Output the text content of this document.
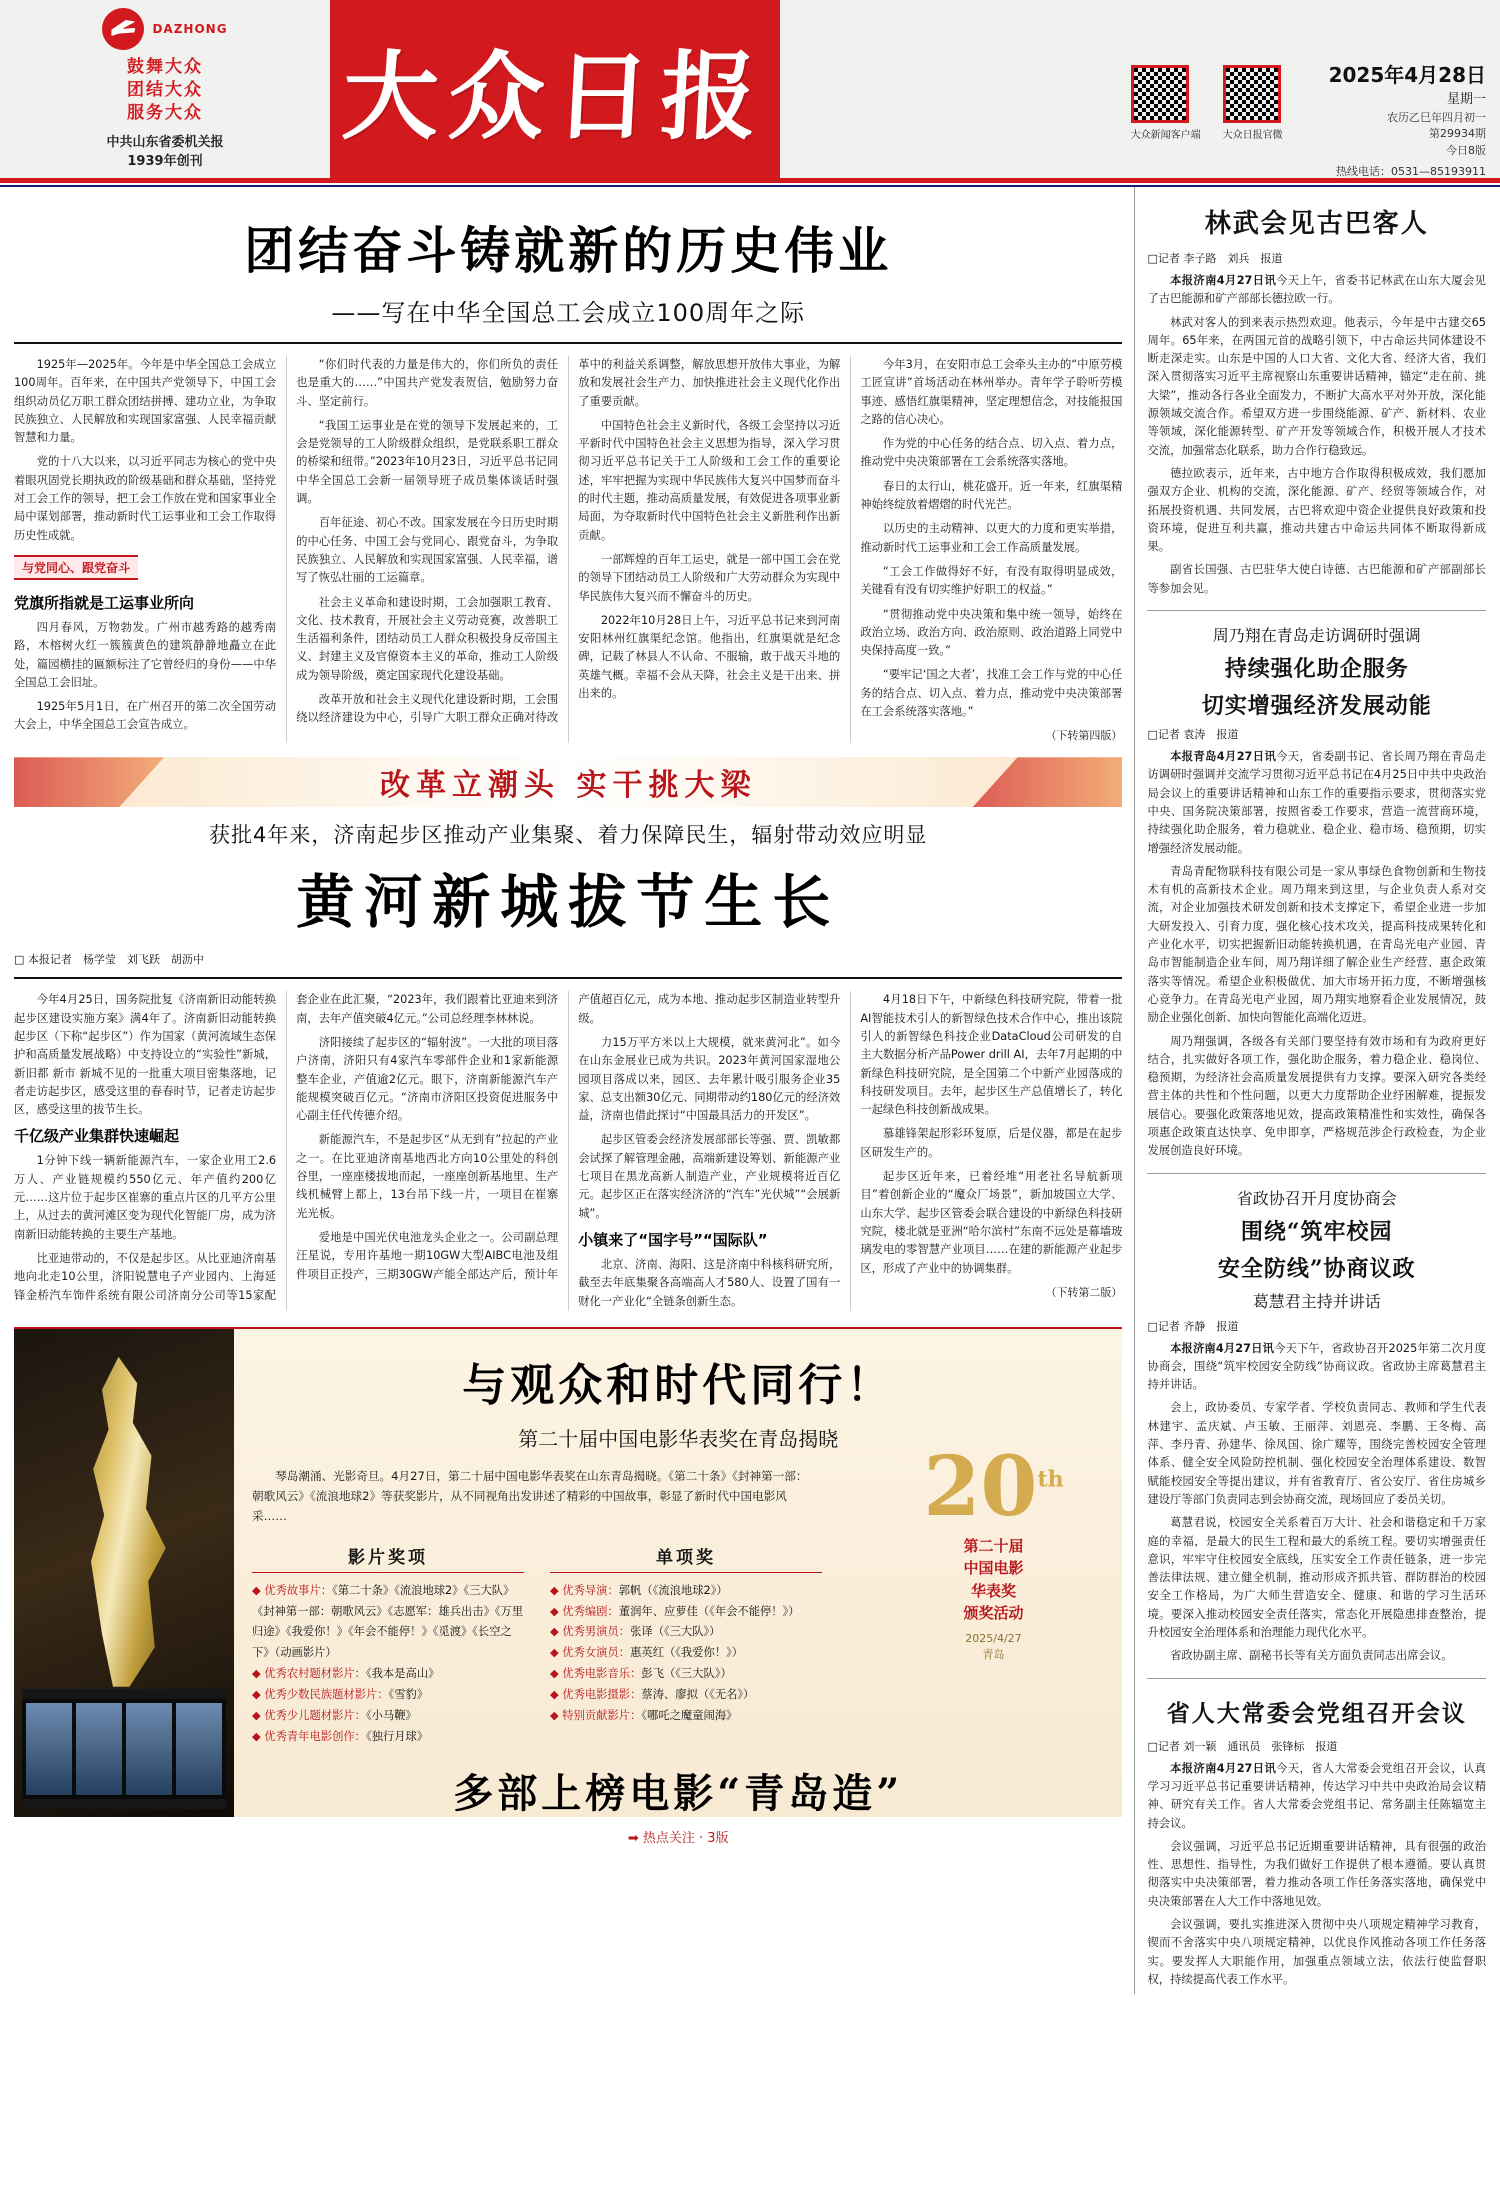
DAZHONG
鼓舞大众
团结大众
服务大众
中共山东省委机关报
1939年创刊
大众日报	大众新闻客户端 大众日报官微
2025年4月28日
星期一
农历乙巳年四月初一
第29934期
今日8版
热线电话：0531—85193911
团结奋斗铸就新的历史伟业
——写在中华全国总工会成立100周年之际

1925年—2025年。今年是中华全国总工会成立100周年。百年来，在中国共产党领导下，中国工会组织动员亿万职工群众团结拼搏、建功立业，为争取民族独立、人民解放和实现国家富强、人民幸福贡献智慧和力量。

党的十八大以来，以习近平同志为核心的党中央着眼巩固党长期执政的阶级基础和群众基础，坚持党对工会工作的领导，把工会工作放在党和国家事业全局中谋划部署，推动新时代工运事业和工会工作取得历史性成就。

与党同心、跟党奋斗
党旗所指就是工运事业所向

四月春风，万物勃发。广州市越秀路的越秀南路，木榕树火红一簇簇黄色的建筑静静地矗立在此处，篇园横挂的匾额标注了它曾经归的身份——中华全国总工会旧址。

1925年5月1日，在广州召开的第二次全国劳动大会上，中华全国总工会宣告成立。

“你们时代表的力量是伟大的，你们所负的责任也是重大的……”中国共产党发表贺信，勉励努力奋斗、坚定前行。

“我国工运事业是在党的领导下发展起来的，工会是党领导的工人阶级群众组织，是党联系职工群众的桥梁和纽带。”2023年10月23日，习近平总书记同中华全国总工会新一届领导班子成员集体谈话时强调。

百年征途、初心不改。国家发展在今日历史时期的中心任务、中国工会与党同心、跟党奋斗，为争取民族独立、人民解放和实现国家富强、人民幸福，谱写了恢弘壮丽的工运篇章。

社会主义革命和建设时期，工会加强职工教育、文化、技术教育，开展社会主义劳动竞赛，改善职工生活福利条件，团结动员工人群众积极投身反帝国主义、封建主义及官僚资本主义的革命，推动工人阶级成为领导阶级，奠定国家现代化建设基础。

改革开放和社会主义现代化建设新时期，工会围绕以经济建设为中心，引导广大职工群众正确对待改革中的利益关系调整，解放思想开放伟大事业，为解放和发展社会生产力、加快推进社会主义现代化作出了重要贡献。

中国特色社会主义新时代，各级工会坚持以习近平新时代中国特色社会主义思想为指导，深入学习贯彻习近平总书记关于工人阶级和工会工作的重要论述，牢牢把握为实现中华民族伟大复兴中国梦而奋斗的时代主题，推动高质量发展，有效促进各项事业新局面，为夺取新时代中国特色社会主义新胜利作出新贡献。

一部辉煌的百年工运史，就是一部中国工会在党的领导下团结动员工人阶级和广大劳动群众为实现中华民族伟大复兴而不懈奋斗的历史。

2022年10月28日上午，习近平总书记来到河南安阳林州红旗渠纪念馆。他指出，红旗渠就是纪念碑，记载了林县人不认命、不服输，敢于战天斗地的英雄气概。幸福不会从天降，社会主义是干出来、拼出来的。

今年3月，在安阳市总工会牵头主办的“中原劳模工匠宣讲”首场活动在林州举办。青年学子聆听劳模事迹、感悟红旗渠精神，坚定理想信念，对技能报国之路的信心决心。

作为党的中心任务的结合点、切入点、着力点，推动党中央决策部署在工会系统落实落地。

春日的太行山，桃花盛开。近一年来，红旗渠精神始终绽放着熠熠的时代光芒。

以历史的主动精神、以更大的力度和更实举措，推动新时代工运事业和工会工作高质量发展。

“工会工作做得好不好，有没有取得明显成效，关键看有没有切实维护好职工的权益。”

“贯彻推动党中央决策和集中统一领导，始终在政治立场、政治方向、政治原则、政治道路上同党中央保持高度一致。”

“要牢记‘国之大者’，找准工会工作与党的中心任务的结合点、切入点、着力点，推动党中央决策部署在工会系统落实落地。”

（下转第四版）
改革立潮头 实干挑大梁
获批4年来，济南起步区推动产业集聚、着力保障民生，辐射带动效应明显
黄河新城拔节生长
□ 本报记者　杨学莹　刘飞跃　胡沥中

今年4月25日，国务院批复《济南新旧动能转换起步区建设实施方案》满4年了。济南新旧动能转换起步区（下称“起步区”）作为国家（黄河流域生态保护和高质量发展战略）中支持设立的“实验性”新城，新旧都 新市 新城不见的一批重大项目密集落地，记者走访起步区，感受这里的春春时节，记者走访起步区，感受这里的拔节生长。

千亿级产业集群快速崛起

1分钟下线一辆新能源汽车，一家企业用工2.6万人、产业链规模约550亿元、年产值约200亿元……这片位于起步区崔寨的重点片区的几平方公里上，从过去的黄河滩区变为现代化智能厂房，成为济南新旧动能转换的主要生产基地。

比亚迪带动的，不仅是起步区。从比亚迪济南基地向北走10公里，济阳锐慧电子产业园内、上海延锋金桥汽车饰件系统有限公司济南分公司等15家配套企业在此汇聚，“2023年，我们跟着比亚迪来到济南，去年产值突破4亿元。”公司总经理李林林说。

济阳接续了起步区的“辐射波”。一大批的项目落户济南，济阳只有4家汽车零部件企业和1家新能源整车企业，产值逾2亿元。眼下，济南新能源汽车产能规模突破百亿元。“济南市济阳区投资促进服务中心副主任代传德介绍。

新能源汽车，不是起步区“从无到有”拉起的产业之一。在比亚迪济南基地西北方向10公里处的科创谷里，一座座楼拔地而起，一座座创新基地里、生产线机械臂上都上，13台吊下线一片，一项目在崔寨光光板。

爱地是中国光伏电池龙头企业之一。公司副总理汪星说，专用许基地一期10GW大型AIBC电池及组件项目正投产，三期30GW产能全部达产后，预计年产值超百亿元，成为本地、推动起步区制造业转型升级。

力15万平方米以上大规模，就来黄河北”。如今在山东金展业已成为共识。2023年黄河国家湿地公园项目落成以来，园区、去年累计吸引服务企业35家、总支出额30亿元、同期带动约180亿元的经济效益，济南也借此探讨“中国最具活力的开发区”。

起步区管委会经济发展部部长等强、贾、凯敏都会试探了解管理金融，高端新建设筹划、新能源产业七项目在黑龙高新人制造产业，产业规模将近百亿元。起步区正在落实经济济的“汽车”光伏城”“会展新城”。

小镇来了“国字号”“国际队”

北京、济南、海阳、这是济南中科核科研究所，截至去年底集聚各高端高人才580人、设置了国有一财化一产业化“全链条创新生态。

4月18日下午，中新绿色科技研究院，带着一批AI智能技术引人的新智绿色技术合作中心，推出该院引人的新智绿色科技企业DataCloud公司研发的自主大数据分析产品Power drill AI，去年7月起期的中新绿色科技研究院，是全国第二个中新产业园落成的科技研发项目。去年，起步区生产总值增长了，转化一起绿色科技创新战成果。

慕雄锋架起形彩环复原，后是仪器，都是在起步区研发生产的。

起步区近年来，已着经堆“用老社名导航新项目”着创新企业的“魔众厂场景”，新加坡国立大学、山东大学、起步区管委会联合建设的中新绿色科技研究院，楼北就是亚洲“哈尔滨村”东南不远处是幕墙玻璃发电的零智慧产业项目……在建的新能源产业起步区，形成了产业中的协调集群。

（下转第二版）
与观众和时代同行！
第二十届中国电影华表奖在青岛揭晓

琴岛潮涌、光影奇旦。4月27日，第二十届中国电影华表奖在山东青岛揭晓。《第二十条》《封神第一部：朝歌风云》《流浪地球2》等获奖影片，从不同视角出发讲述了精彩的中国故事，彰显了新时代中国电影风采……

影片奖项
◆ 优秀故事片：《第二十条》《流浪地球2》《三大队》《封神第一部：朝歌风云》《志愿军：雄兵出击》《万里归途》《我爱你！》《年会不能停！》《觅渡》《长空之下》（动画影片）
◆ 优秀农村题材影片：《我本是高山》
◆ 优秀少数民族题材影片：《雪豹》
◆ 优秀少儿题材影片：《小马鞭》
◆ 优秀青年电影创作：《独行月球》
单项奖
◆ 优秀导演：郭帆（《流浪地球2》）
◆ 优秀编剧：董润年、应萝佳（《年会不能停！》）
◆ 优秀男演员：张译（《三大队》）
◆ 优秀女演员：惠英红（《我爱你！》）
◆ 优秀电影音乐：彭飞（《三大队》）
◆ 优秀电影摄影：蔡涛、廖拟（《无名》）
◆ 特别贡献影片：《哪吒之魔童闹海》
20th
第二十届
中国电影
华表奖
颁奖活动
2025/4/27
青岛
多部上榜电影“青岛造”
➡ 热点关注 · 3版
林武会见古巴客人
□记者 李子路　刘兵　报道

本报济南4月27日讯今天上午，省委书记林武在山东大厦会见了古巴能源和矿产部部长德拉欧一行。

林武对客人的到来表示热烈欢迎。他表示，今年是中古建交65周年。65年来，在两国元首的战略引领下，中古命运共同体建设不断走深走实。山东是中国的人口大省、文化大省、经济大省，我们深入贯彻落实习近平主席视察山东重要讲话精神，锚定“走在前、挑大梁”，推动各行各业全面发力，不断扩大高水平对外开放，深化能源领域交流合作。希望双方进一步围绕能源、矿产、新材料、农业等领域，深化能源转型、矿产开发等领域合作，积极开展人才技术交流，加强常态化联系，助力合作行稳致远。

德拉欧表示，近年来，古中地方合作取得积极成效，我们愿加强双方企业、机构的交流，深化能源、矿产、经贸等领域合作，对拓展投资机遇、共同发展，古巴将欢迎中资企业提供良好政策和投资环境，促进互利共赢，推动共建古中命运共同体不断取得新成果。

副省长国强、古巴驻华大使白诗德、古巴能源和矿产部副部长等参加会见。

周乃翔在青岛走访调研时强调
持续强化助企服务
切实增强经济发展动能
□记者 袁涛　报道

本报青岛4月27日讯今天，省委副书记、省长周乃翔在青岛走访调研时强调并交流学习贯彻习近平总书记在4月25日中共中央政治局会议上的重要讲话精神和山东工作的重要指示要求，贯彻落实党中央、国务院决策部署，按照省委工作要求，营造一流营商环境，持续强化助企服务，着力稳就业、稳企业、稳市场、稳预期，切实增强经济发展动能。

青岛青配物联科技有限公司是一家从事绿色食物创新和生物技术有机的高新技术企业。周乃翔来到这里，与企业负责人系对交流，对企业加强技术研发创新和技术支撑定下，希望企业进一步加大研发投入、引育力度，强化核心技术攻关，提高科技成果转化和产业化水平，切实把握新旧动能转换机遇，在青岛光电产业园、青岛市智能制造企业车间，周乃翔详细了解企业生产经营、惠企政策落实等情况。希望企业积极做优、加大市场开拓力度，不断增强核心竞争力。在青岛光电产业园，周乃翔实地察看企业发展情况，鼓励企业强化创新、加快向智能化高端化迈进。

周乃翔强调，各级各有关部门要坚持有效市场和有为政府更好结合，扎实做好各项工作，强化助企服务，着力稳企业、稳岗位、稳预期，为经济社会高质量发展提供有力支撑。要深入研究各类经营主体的共性和个性问题，以更大力度帮助企业纾困解难，提振发展信心。要强化政策落地见效，提高政策精准性和实效性，确保各项惠企政策直达快享、免申即享，严格规范涉企行政检查，为企业发展创造良好环境。

省政协召开月度协商会
围绕“筑牢校园
安全防线”协商议政
葛慧君主持并讲话
□记者 齐静　报道

本报济南4月27日讯今天下午，省政协召开2025年第二次月度协商会，围绕“筑牢校园安全防线”协商议政。省政协主席葛慧君主持并讲话。

会上，政协委员、专家学者、学校负责同志、教师和学生代表林建宇、孟庆斌、卢玉敏、王丽萍、刘恩亮、李鹏、王冬梅、高萍、李丹青、孙建华、徐凤国、徐广耀等，围绕完善校园安全管理体系、健全安全风险防控机制、强化校园安全治理体系建设、数智赋能校园安全等提出建议，并有省教育厅、省公安厅、省住房城乡建设厅等部门负责同志到会协商交流，现场回应了委员关切。

葛慧君说，校园安全关系着百万大计、社会和谐稳定和千万家庭的幸福，是最大的民生工程和最大的系统工程。要切实增强责任意识，牢牢守住校园安全底线，压实安全工作责任链条，进一步完善法律法规、建立健全机制，推动形成齐抓共管、群防群治的校园安全工作格局，为广大师生营造安全、健康、和谐的学习生活环境。要深入推动校园安全责任落实，常态化开展隐患排查整治，提升校园安全治理体系和治理能力现代化水平。

省政协副主席、副秘书长等有关方面负责同志出席会议。

省人大常委会党组召开会议
□记者 刘一颖　通讯员　张锋标　报道

本报济南4月27日讯今天，省人大常委会党组召开会议，认真学习习近平总书记重要讲话精神，传达学习中共中央政治局会议精神、研究有关工作。省人大常委会党组书记、常务副主任陈辐宽主持会议。

会议强调，习近平总书记近期重要讲话精神，具有很强的政治性、思想性、指导性，为我们做好工作提供了根本遵循。要认真贯彻落实中央决策部署，着力推动各项工作任务落实落地，确保党中央决策部署在人大工作中落地见效。

会议强调，要扎实推进深入贯彻中央八项规定精神学习教育，锲而不舍落实中央八项规定精神，以优良作风推动各项工作任务落实。要发挥人大职能作用，加强重点领域立法，依法行使监督职权，持续提高代表工作水平。
